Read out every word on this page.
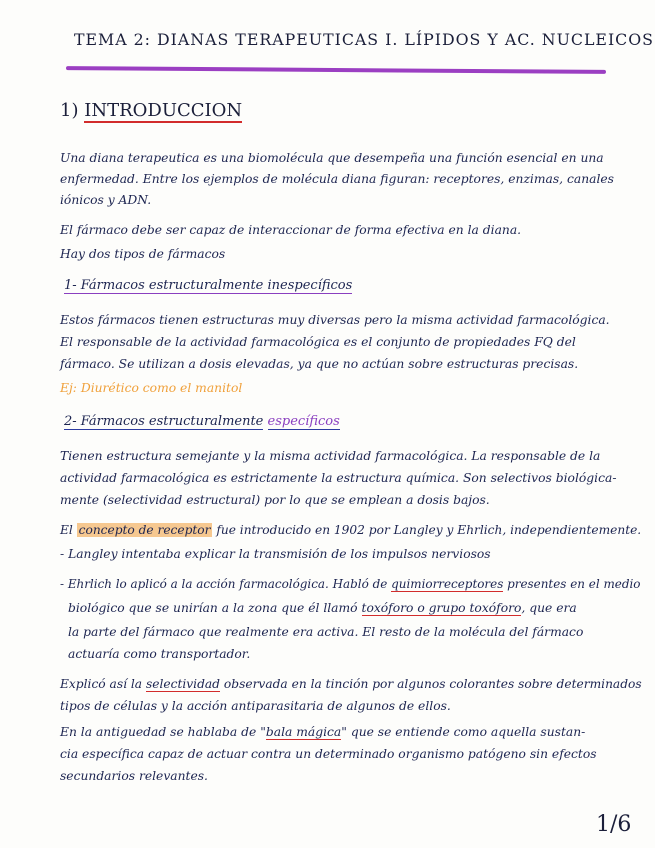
TEMA 2: DIANAS TERAPEUTICAS I. LÍPIDOS Y AC. NUCLEICOS
1) INTRODUCCION
Una diana terapeutica es una biomolécula que desempeña una función esencial en una
enfermedad. Entre los ejemplos de molécula diana figuran: receptores, enzimas, canales
iónicos y ADN.
El fármaco debe ser capaz de interaccionar de forma efectiva en la diana.
Hay dos tipos de fármacos
1- Fármacos estructuralmente inespecíficos
Estos fármacos tienen estructuras muy diversas pero la misma actividad farmacológica.
El responsable de la actividad farmacológica es el conjunto de propiedades FQ del
fármaco. Se utilizan a dosis elevadas, ya que no actúan sobre estructuras precisas.
Ej: Diurético como el manitol
2- Fármacos estructuralmente específicos
Tienen estructura semejante y la misma actividad farmacológica. La responsable de la
actividad farmacológica es estrictamente la estructura química. Son selectivos biológica-
mente (selectividad estructural) por lo que se emplean a dosis bajos.
El concepto de receptor fue introducido en 1902 por Langley y Ehrlich, independientemente.
- Langley intentaba explicar la transmisión de los impulsos nerviosos
- Ehrlich lo aplicó a la acción farmacológica. Habló de quimiorreceptores presentes en el medio
biológico que se unirían a la zona que él llamó toxóforo o grupo toxóforo, que era
la parte del fármaco que realmente era activa. El resto de la molécula del fármaco
actuaría como transportador.
Explicó así la selectividad observada en la tinción por algunos colorantes sobre determinados
tipos de células y la acción antiparasitaria de algunos de ellos.
En la antiguedad se hablaba de "bala mágica" que se entiende como aquella sustan-
cia específica capaz de actuar contra un determinado organismo patógeno sin efectos
secundarios relevantes.
1/6
